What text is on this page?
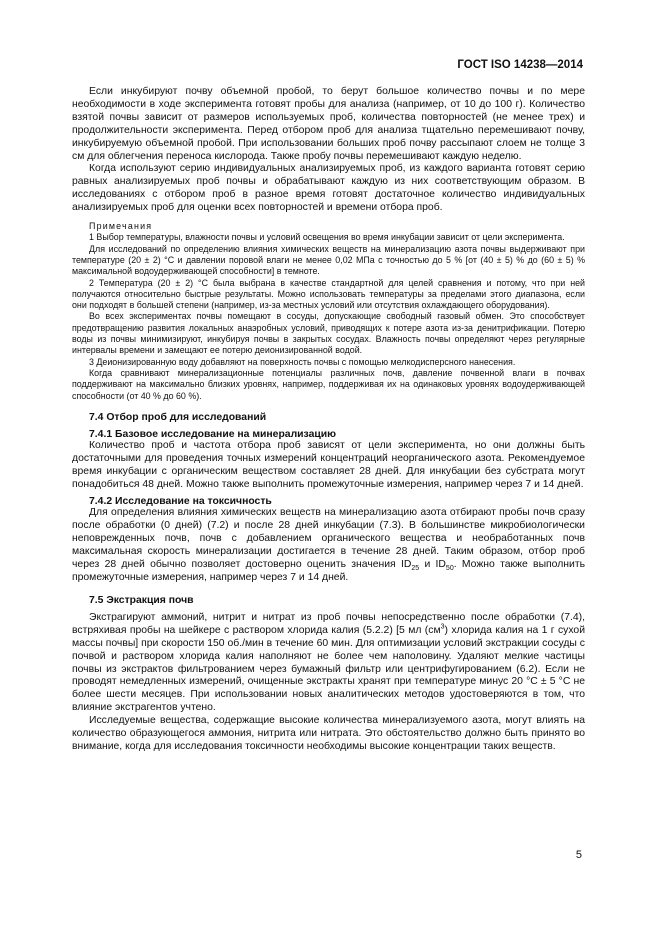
ГОСТ ISO 14238—2014

Если инкубируют почву объемной пробой, то берут большое количество почвы и по мере необходимости в ходе эксперимента готовят пробы для анализа (например, от 10 до 100 г). Количество взятой почвы зависит от размеров используемых проб, количества повторностей (не менее трех) и продолжительности эксперимента. Перед отбором проб для анализа тщательно перемешивают почву, инкубируемую объемной пробой. При использовании больших проб почву рассыпают слоем не толще 3 см для облегчения переноса кислорода. Также пробу почвы перемешивают каждую неделю.

Когда используют серию индивидуальных анализируемых проб, из каждого варианта готовят серию равных анализируемых проб почвы и обрабатывают каждую из них соответствующим образом. В исследованиях с отбором проб в разное время готовят достаточное количество индивидуальных анализируемых проб для оценки всех повторностей и времени отбора проб.

Примечания

1 Выбор температуры, влажности почвы и условий освещения во время инкубации зависит от цели эксперимента.

Для исследований по определению влияния химических веществ на минерализацию азота почвы выдерживают при температуре (20 ± 2) °С и давлении поровой влаги не менее 0,02 МПа с точностью до 5 % [от (40 ± 5) % до (60 ± 5) % максимальной водоудерживающей способности] в темноте.

2 Температура (20 ± 2) °С была выбрана в качестве стандартной для целей сравнения и потому, что при ней получаются относительно быстрые результаты. Можно использовать температуры за пределами этого диапазона, если они подходят в большей степени (например, из-за местных условий или отсутствия охлаждающего оборудования).

Во всех экспериментах почвы помещают в сосуды, допускающие свободный газовый обмен. Это способствует предотвращению развития локальных анаэробных условий, приводящих к потере азота из-за денитрификации. Потерю воды из почвы минимизируют, инкубируя почвы в закрытых сосудах. Влажность почвы определяют через регулярные интервалы времени и замещают ее потерю деионизированной водой.

3 Деионизированную воду добавляют на поверхность почвы с помощью мелкодисперсного нанесения.

Когда сравнивают минерализационные потенциалы различных почв, давление почвенной влаги в почвах поддерживают на максимально близких уровнях, например, поддерживая их на одинаковых уровнях водоудерживающей способности (от 40 % до 60 %).

7.4 Отбор проб для исследований
7.4.1 Базовое исследование на минерализацию

Количество проб и частота отбора проб зависят от цели эксперимента, но они должны быть достаточными для проведения точных измерений концентраций неорганического азота. Рекомендуемое время инкубации с органическим веществом составляет 28 дней. Для инкубации без субстрата могут понадобиться 48 дней. Можно также выполнить промежуточные измерения, например через 7 и 14 дней.

7.4.2 Исследование на токсичность

Для определения влияния химических веществ на минерализацию азота отбирают пробы почв сразу после обработки (0 дней) (7.2) и после 28 дней инкубации (7.3). В большинстве микробиологически неповрежденных почв, почв с добавлением органического вещества и необработанных почв максимальная скорость минерализации достигается в течение 28 дней. Таким образом, отбор проб через 28 дней обычно позволяет достоверно оценить значения $ID_{25}$ и $ID_{50}$. Можно также выполнить промежуточные измерения, например через 7 и 14 дней.

7.5 Экстракция почв

Экстрагируют аммоний, нитрит и нитрат из проб почвы непосредственно после обработки (7.4), встряхивая пробы на шейкере с раствором хлорида калия (5.2.2) [5 мл $(см^3)$ хлорида калия на 1 г сухой массы почвы] при скорости 150 об./мин в течение 60 мин. Для оптимизации условий экстракции сосуды с почвой и раствором хлорида калия наполняют не более чем наполовину. Удаляют мелкие частицы почвы из экстрактов фильтрованием через бумажный фильтр или центрифугированием (6.2). Если не проводят немедленных измерений, очищенные экстракты хранят при температуре минус 20 °С ± 5 °С не более шести месяцев. При использовании новых аналитических методов удостоверяются в том, что влияние экстрагентов учтено.

Исследуемые вещества, содержащие высокие количества минерализуемого азота, могут влиять на количество образующегося аммония, нитрита или нитрата. Это обстоятельство должно быть принято во внимание, когда для исследования токсичности необходимы высокие концентрации таких веществ.

5
